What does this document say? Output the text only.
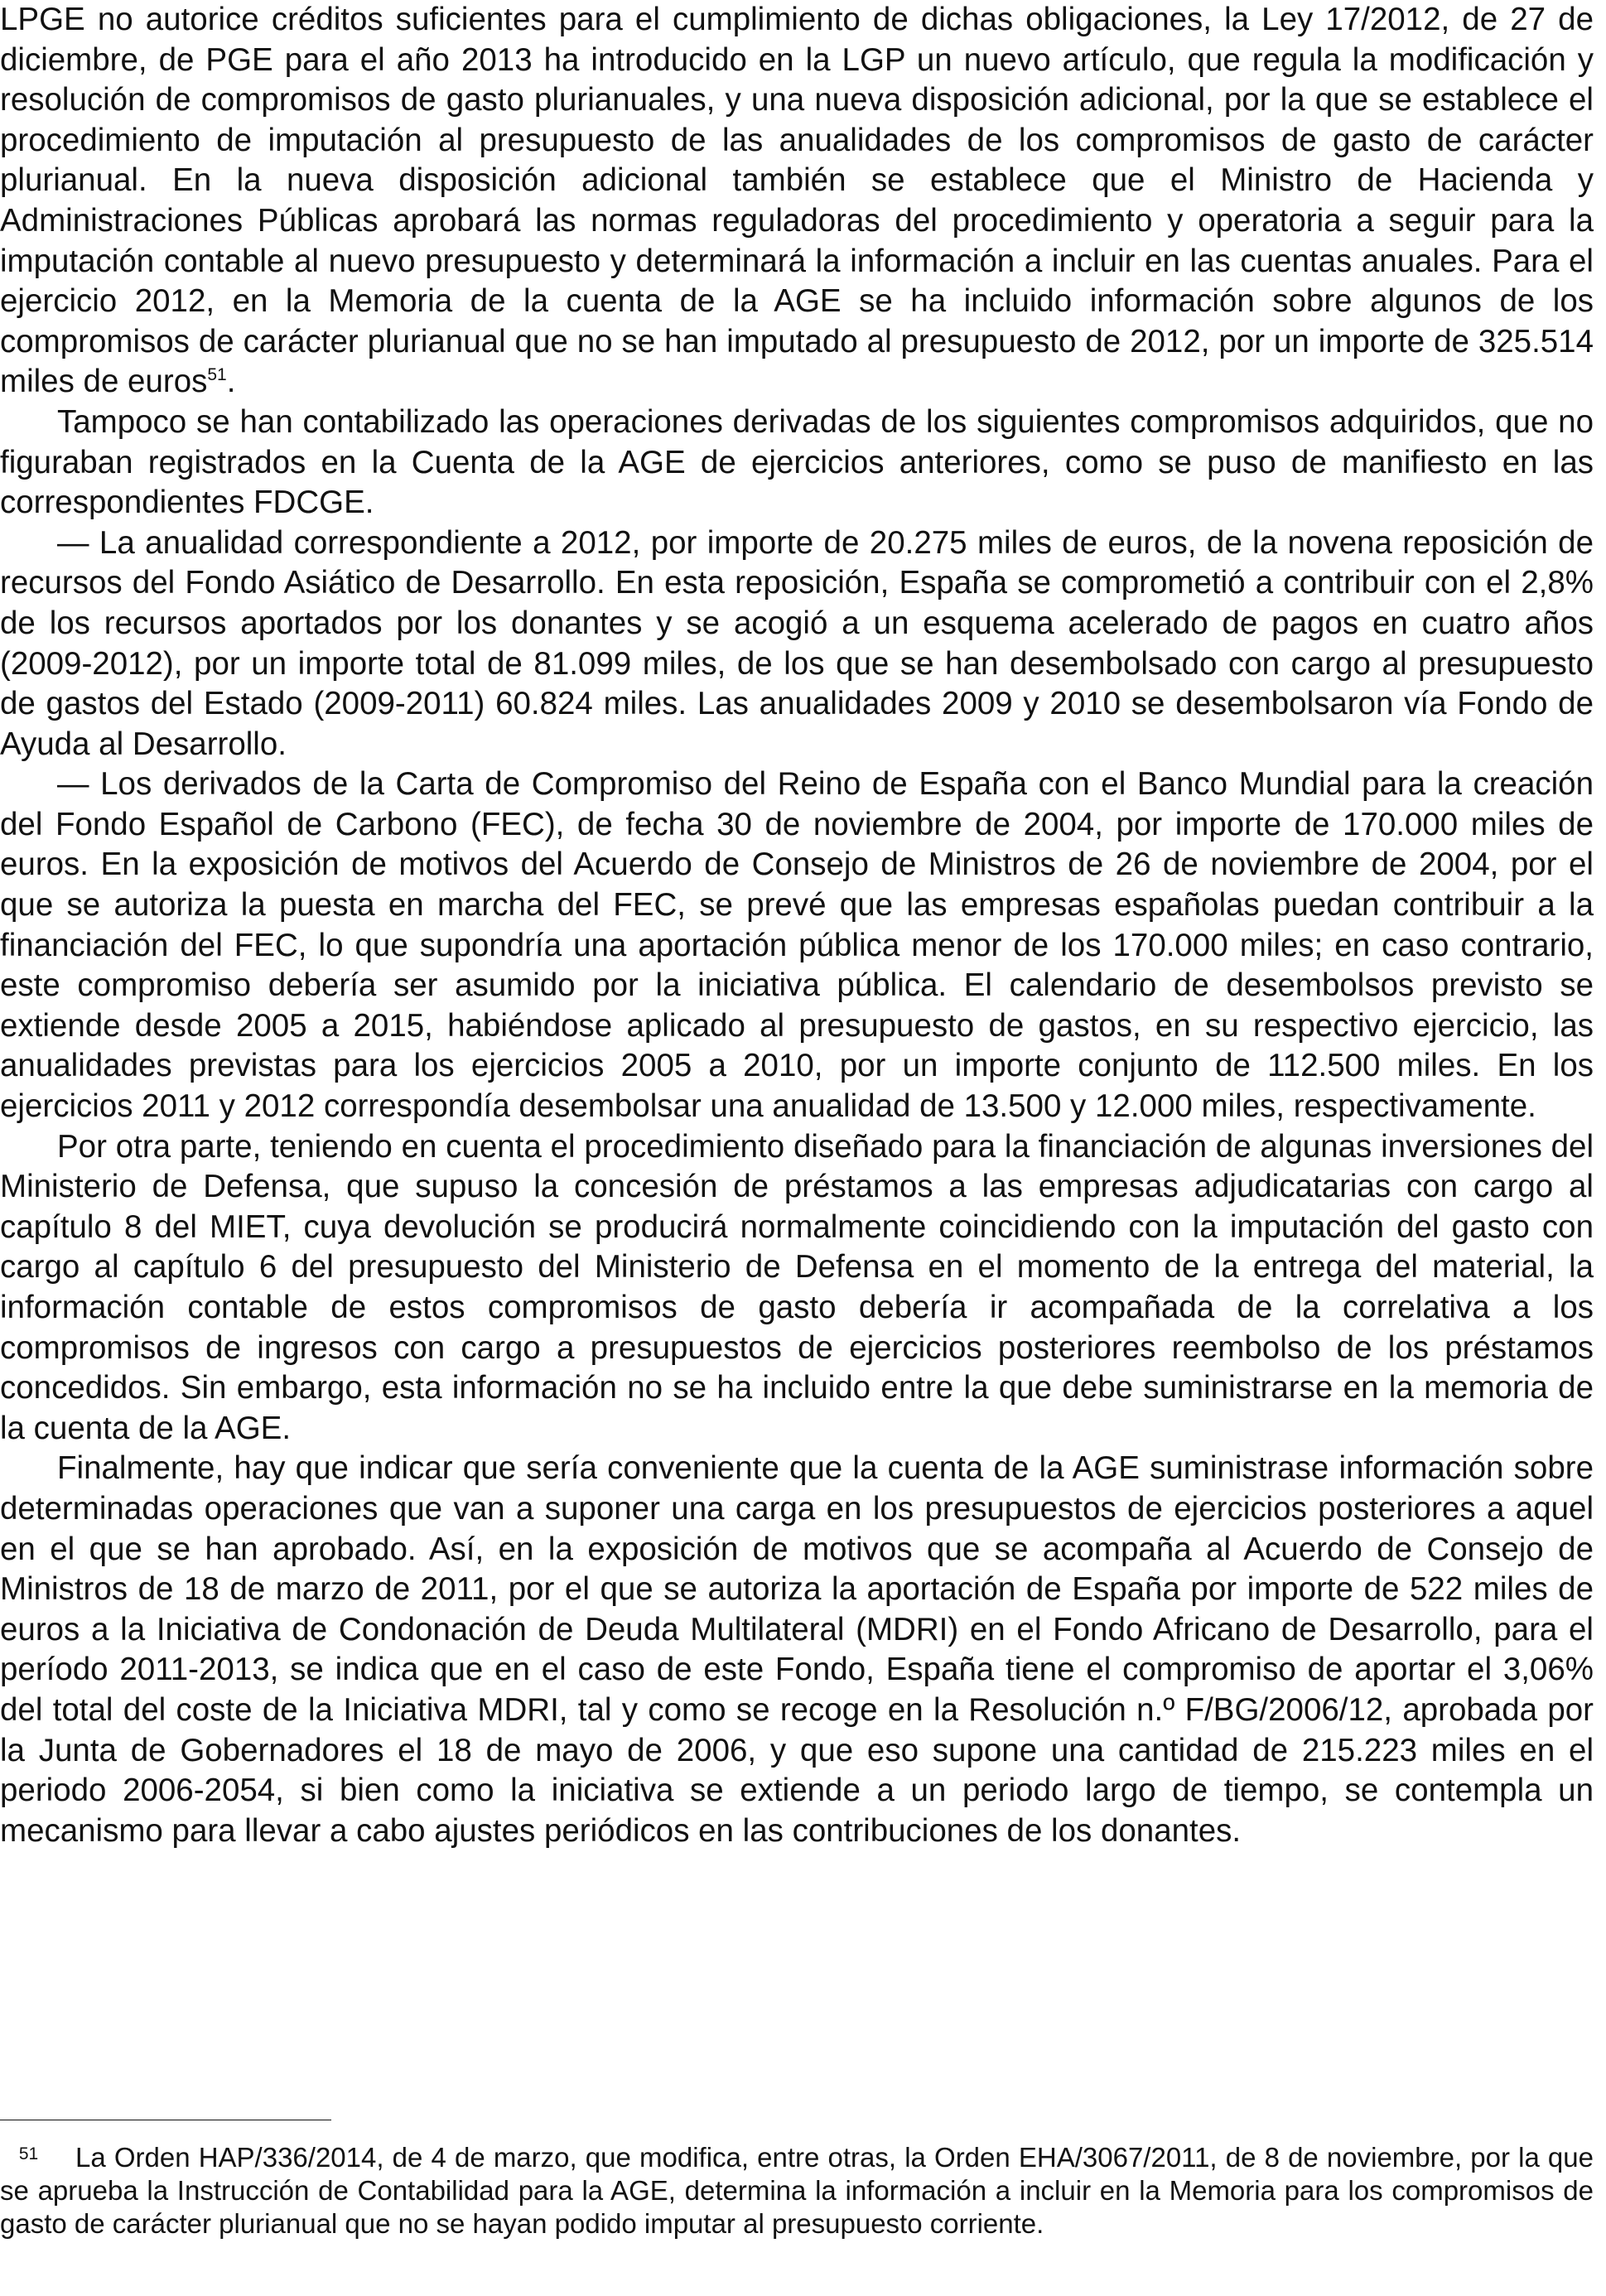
LPGE no autorice créditos suficientes para el cumplimiento de dichas obligaciones, la Ley 17/2012, de 27 de diciembre, de PGE para el año 2013 ha introducido en la LGP un nuevo artículo, que regula la modificación y resolución de compromisos de gasto plurianuales, y una nueva disposición adicional, por la que se establece el procedimiento de imputación al presupuesto de las anualidades de los compromisos de gasto de carácter plurianual. En la nueva disposición adicional también se establece que el Ministro de Hacienda y Administraciones Públicas aprobará las normas reguladoras del procedimiento y operatoria a seguir para la imputación contable al nuevo presupuesto y determinará la información a incluir en las cuentas anuales. Para el ejercicio 2012, en la Memoria de la cuenta de la AGE se ha incluido información sobre algunos de los compromisos de carácter plurianual que no se han imputado al presupuesto de 2012, por un importe de 325.514 miles de euros$^{51}$.

Tampoco se han contabilizado las operaciones derivadas de los siguientes compromisos adquiridos, que no figuraban registrados en la Cuenta de la AGE de ejercicios anteriores, como se puso de manifiesto en las correspondientes FDCGE.

— La anualidad correspondiente a 2012, por importe de 20.275 miles de euros, de la novena reposición de recursos del Fondo Asiático de Desarrollo. En esta reposición, España se comprometió a contribuir con el 2,8% de los recursos aportados por los donantes y se acogió a un esquema acelerado de pagos en cuatro años (2009-2012), por un importe total de 81.099 miles, de los que se han desembolsado con cargo al presupuesto de gastos del Estado (2009-2011) 60.824 miles. Las anualidades 2009 y 2010 se desembolsaron vía Fondo de Ayuda al Desarrollo.

— Los derivados de la Carta de Compromiso del Reino de España con el Banco Mundial para la creación del Fondo Español de Carbono (FEC), de fecha 30 de noviembre de 2004, por importe de 170.000 miles de euros. En la exposición de motivos del Acuerdo de Consejo de Ministros de 26 de noviembre de 2004, por el que se autoriza la puesta en marcha del FEC, se prevé que las empresas españolas puedan contribuir a la financiación del FEC, lo que supondría una aportación pública menor de los 170.000 miles; en caso contrario, este compromiso debería ser asumido por la iniciativa pública. El calendario de desembolsos previsto se extiende desde 2005 a 2015, habiéndose aplicado al presupuesto de gastos, en su respectivo ejercicio, las anualidades previstas para los ejercicios 2005 a 2010, por un importe conjunto de 112.500 miles. En los ejercicios 2011 y 2012 correspondía desembolsar una anualidad de 13.500 y 12.000 miles, respectivamente.

Por otra parte, teniendo en cuenta el procedimiento diseñado para la financiación de algunas inversiones del Ministerio de Defensa, que supuso la concesión de préstamos a las empresas adjudicatarias con cargo al capítulo 8 del MIET, cuya devolución se producirá normalmente coincidiendo con la imputación del gasto con cargo al capítulo 6 del presupuesto del Ministerio de Defensa en el momento de la entrega del material, la información contable de estos compromisos de gasto debería ir acompañada de la correlativa a los compromisos de ingresos con cargo a presupuestos de ejercicios posteriores reembolso de los préstamos concedidos. Sin embargo, esta información no se ha incluido entre la que debe suministrarse en la memoria de la cuenta de la AGE.

Finalmente, hay que indicar que sería conveniente que la cuenta de la AGE suministrase información sobre determinadas operaciones que van a suponer una carga en los presupuestos de ejercicios posteriores a aquel en el que se han aprobado. Así, en la exposición de motivos que se acompaña al Acuerdo de Consejo de Ministros de 18 de marzo de 2011, por el que se autoriza la aportación de España por importe de 522 miles de euros a la Iniciativa de Condonación de Deuda Multilateral (MDRI) en el Fondo Africano de Desarrollo, para el período 2011-2013, se indica que en el caso de este Fondo, España tiene el compromiso de aportar el 3,06% del total del coste de la Iniciativa MDRI, tal y como se recoge en la Resolución n.º F/BG/2006/12, aprobada por la Junta de Gobernadores el 18 de mayo de 2006, y que eso supone una cantidad de 215.223 miles en el periodo 2006-2054, si bien como la iniciativa se extiende a un periodo largo de tiempo, se contempla un mecanismo para llevar a cabo ajustes periódicos en las contribuciones de los donantes.

51 La Orden HAP/336/2014, de 4 de marzo, que modifica, entre otras, la Orden EHA/3067/2011, de 8 de noviembre, por la que se aprueba la Instrucción de Contabilidad para la AGE, determina la información a incluir en la Memoria para los compromisos de gasto de carácter plurianual que no se hayan podido imputar al presupuesto corriente.
